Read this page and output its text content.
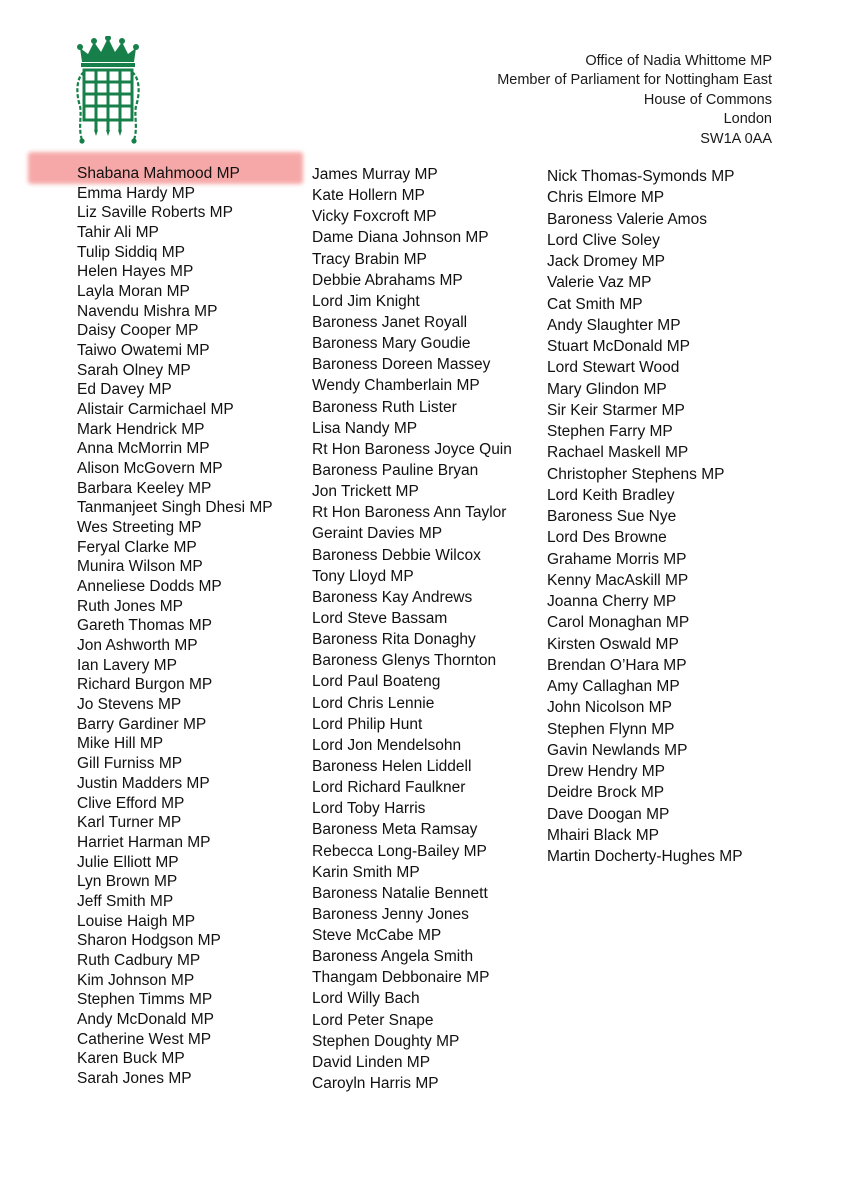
Office of Nadia Whittome MP
Member of Parliament for Nottingham East
House of Commons
London
SW1A 0AA
Shabana Mahmood MP
Emma Hardy MP
Liz Saville Roberts MP
Tahir Ali MP
Tulip Siddiq MP
Helen Hayes MP
Layla Moran MP
Navendu Mishra MP
Daisy Cooper MP
Taiwo Owatemi MP
Sarah Olney MP
Ed Davey MP
Alistair Carmichael MP
Mark Hendrick MP
Anna McMorrin MP
Alison McGovern MP
Barbara Keeley MP
Tanmanjeet Singh Dhesi MP
Wes Streeting MP
Feryal Clarke MP
Munira Wilson MP
Anneliese Dodds MP
Ruth Jones MP
Gareth Thomas MP
Jon Ashworth MP
Ian Lavery MP
Richard Burgon MP
Jo Stevens MP
Barry Gardiner MP
Mike Hill MP
Gill Furniss MP
Justin Madders MP
Clive Efford MP
Karl Turner MP
Harriet Harman MP
Julie Elliott MP
Lyn Brown MP
Jeff Smith MP
Louise Haigh MP
Sharon Hodgson MP
Ruth Cadbury MP
Kim Johnson MP
Stephen Timms MP
Andy McDonald MP
Catherine West MP
Karen Buck MP
Sarah Jones MP
James Murray MP
Kate Hollern MP
Vicky Foxcroft MP
Dame Diana Johnson MP
Tracy Brabin MP
Debbie Abrahams MP
Lord Jim Knight
Baroness Janet Royall
Baroness Mary Goudie
Baroness Doreen Massey
Wendy Chamberlain MP
Baroness Ruth Lister
Lisa Nandy MP
Rt Hon Baroness Joyce Quin
Baroness Pauline Bryan
Jon Trickett MP
Rt Hon Baroness Ann Taylor
Geraint Davies MP
Baroness Debbie Wilcox
Tony Lloyd MP
Baroness Kay Andrews
Lord Steve Bassam
Baroness Rita Donaghy
Baroness Glenys Thornton
Lord Paul Boateng
Lord Chris Lennie
Lord Philip Hunt
Lord Jon Mendelsohn
Baroness Helen Liddell
Lord Richard Faulkner
Lord Toby Harris
Baroness Meta Ramsay
Rebecca Long-Bailey MP
Karin Smith MP
Baroness Natalie Bennett
Baroness Jenny Jones
Steve McCabe MP
Baroness Angela Smith
Thangam Debbonaire MP
Lord Willy Bach
Lord Peter Snape
Stephen Doughty MP
David Linden MP
Caroyln Harris MP
Nick Thomas-Symonds MP
Chris Elmore MP
Baroness Valerie Amos
Lord Clive Soley
Jack Dromey MP
Valerie Vaz MP
Cat Smith MP
Andy Slaughter MP
Stuart McDonald MP
Lord Stewart Wood
Mary Glindon MP
Sir Keir Starmer MP
Stephen Farry MP
Rachael Maskell MP
Christopher Stephens MP
Lord Keith Bradley
Baroness Sue Nye
Lord Des Browne
Grahame Morris MP
Kenny MacAskill MP
Joanna Cherry MP
Carol Monaghan MP
Kirsten Oswald MP
Brendan O’Hara MP
Amy Callaghan MP
John Nicolson MP
Stephen Flynn MP
Gavin Newlands MP
Drew Hendry MP
Deidre Brock MP
Dave Doogan MP
Mhairi Black MP
Martin Docherty-Hughes MP
